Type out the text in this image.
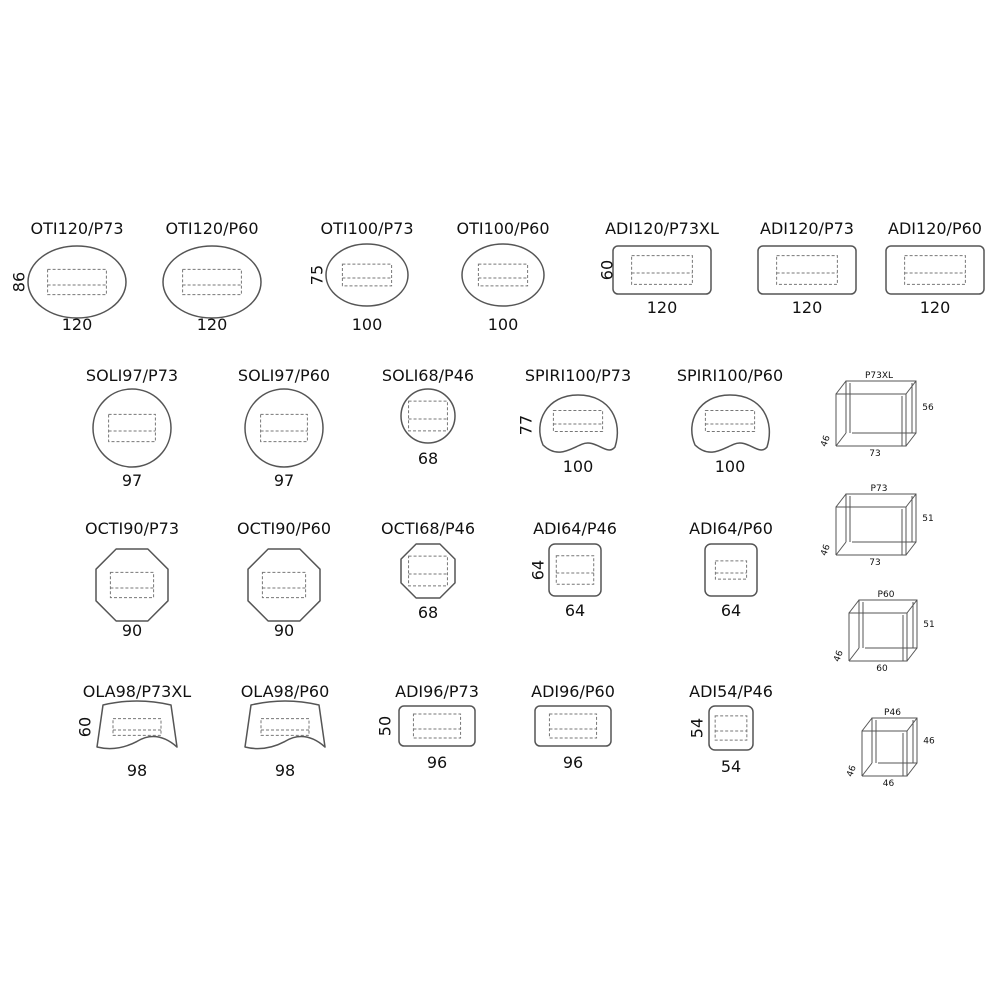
OTI120/P73
120
86
OTI120/P60
120
OTI100/P73
100
75
OTI100/P60
100
ADI120/P73XL
120
60
ADI120/P73
120
ADI120/P60
120
SOLI97/P73
97
SOLI97/P60
97
SOLI68/P46
68
SPIRI100/P73
100
77
SPIRI100/P60
100
OCTI90/P73
90
OCTI90/P60
90
OCTI68/P46
68
ADI64/P46
64
64
ADI64/P60
64
OLA98/P73XL
98
60
OLA98/P60
98
ADI96/P73
96
50
ADI96/P60
96
ADI54/P46
54
54
P73XL
56
73
46
P73
51
73
46
P60
51
60
46
P46
46
46
46
